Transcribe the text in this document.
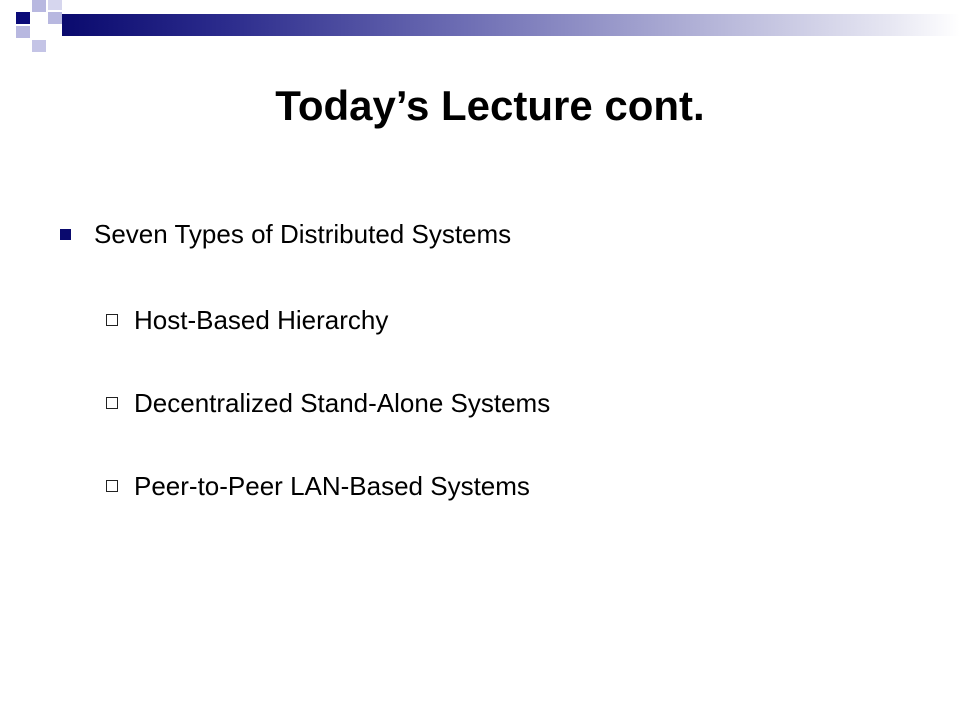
Today’s Lecture cont.
Seven Types of Distributed Systems
Host-Based Hierarchy
Decentralized Stand-Alone Systems
Peer-to-Peer LAN-Based Systems
